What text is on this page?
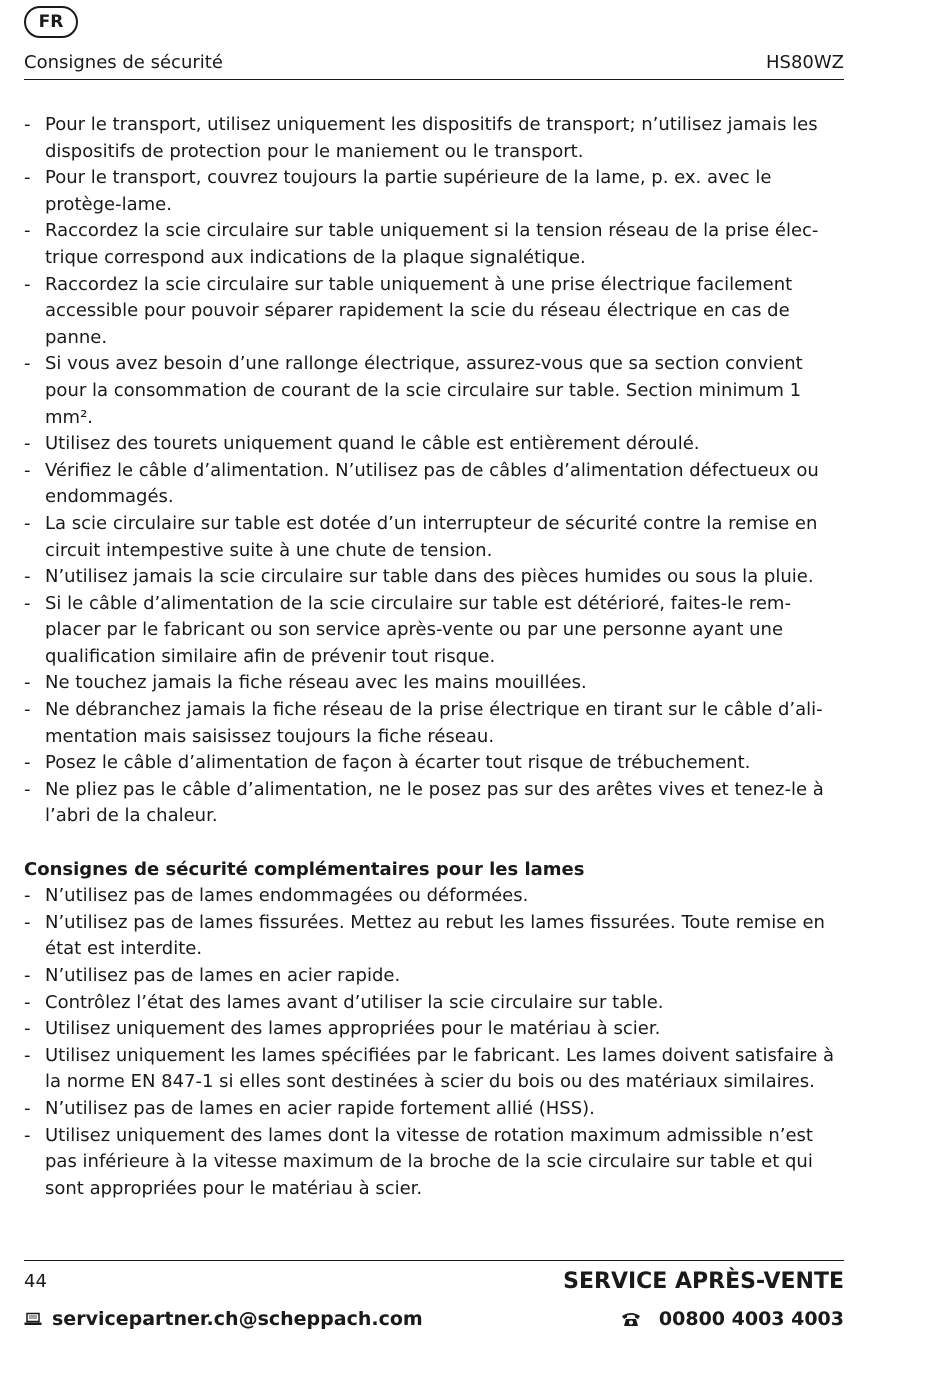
FR
Consignes de sécurité	HS80WZ
- Pour le transport, utilisez uniquement les dispositifs de transport; n’utilisez jamais les dispositifs de protection pour le maniement ou le transport.
- Pour le transport, couvrez toujours la partie supérieure de la lame, p. ex. avec le protège-lame.
- Raccordez la scie circulaire sur table uniquement si la tension réseau de la prise élec-trique correspond aux indications de la plaque signalétique.
- Raccordez la scie circulaire sur table uniquement à une prise électrique facilement accessible pour pouvoir séparer rapidement la scie du réseau électrique en cas de panne.
- Si vous avez besoin d’une rallonge électrique, assurez-vous que sa section convient pour la consommation de courant de la scie circulaire sur table. Section minimum 1 mm².
- Utilisez des tourets uniquement quand le câble est entièrement déroulé.
- Vérifiez le câble d’alimentation. N’utilisez pas de câbles d’alimentation défectueux ou endommagés.
- La scie circulaire sur table est dotée d’un interrupteur de sécurité contre la remise en circuit intempestive suite à une chute de tension.
- N’utilisez jamais la scie circulaire sur table dans des pièces humides ou sous la pluie.
- Si le câble d’alimentation de la scie circulaire sur table est détérioré, faites-le rem-placer par le fabricant ou son service après-vente ou par une personne ayant une qualification similaire afin de prévenir tout risque.
- Ne touchez jamais la fiche réseau avec les mains mouillées.
- Ne débranchez jamais la fiche réseau de la prise électrique en tirant sur le câble d’ali-mentation mais saisissez toujours la fiche réseau.
- Posez le câble d’alimentation de façon à écarter tout risque de trébuchement.
- Ne pliez pas le câble d’alimentation, ne le posez pas sur des arêtes vives et tenez-le à l’abri de la chaleur.
Consignes de sécurité complémentaires pour les lames
- N’utilisez pas de lames endommagées ou déformées.
- N’utilisez pas de lames fissurées. Mettez au rebut les lames fissurées. Toute remise en état est interdite.
- N’utilisez pas de lames en acier rapide.
- Contrôlez l’état des lames avant d’utiliser la scie circulaire sur table.
- Utilisez uniquement des lames appropriées pour le matériau à scier.
- Utilisez uniquement les lames spécifiées par le fabricant. Les lames doivent satisfaire à la norme EN 847-1 si elles sont destinées à scier du bois ou des matériaux similaires.
- N’utilisez pas de lames en acier rapide fortement allié (HSS).
- Utilisez uniquement des lames dont la vitesse de rotation maximum admissible n’est pas inférieure à la vitesse maximum de la broche de la scie circulaire sur table et qui sont appropriées pour le matériau à scier.
44	SERVICE APRÈS-VENTE
servicepartner.ch@scheppach.com	00800 4003 4003
